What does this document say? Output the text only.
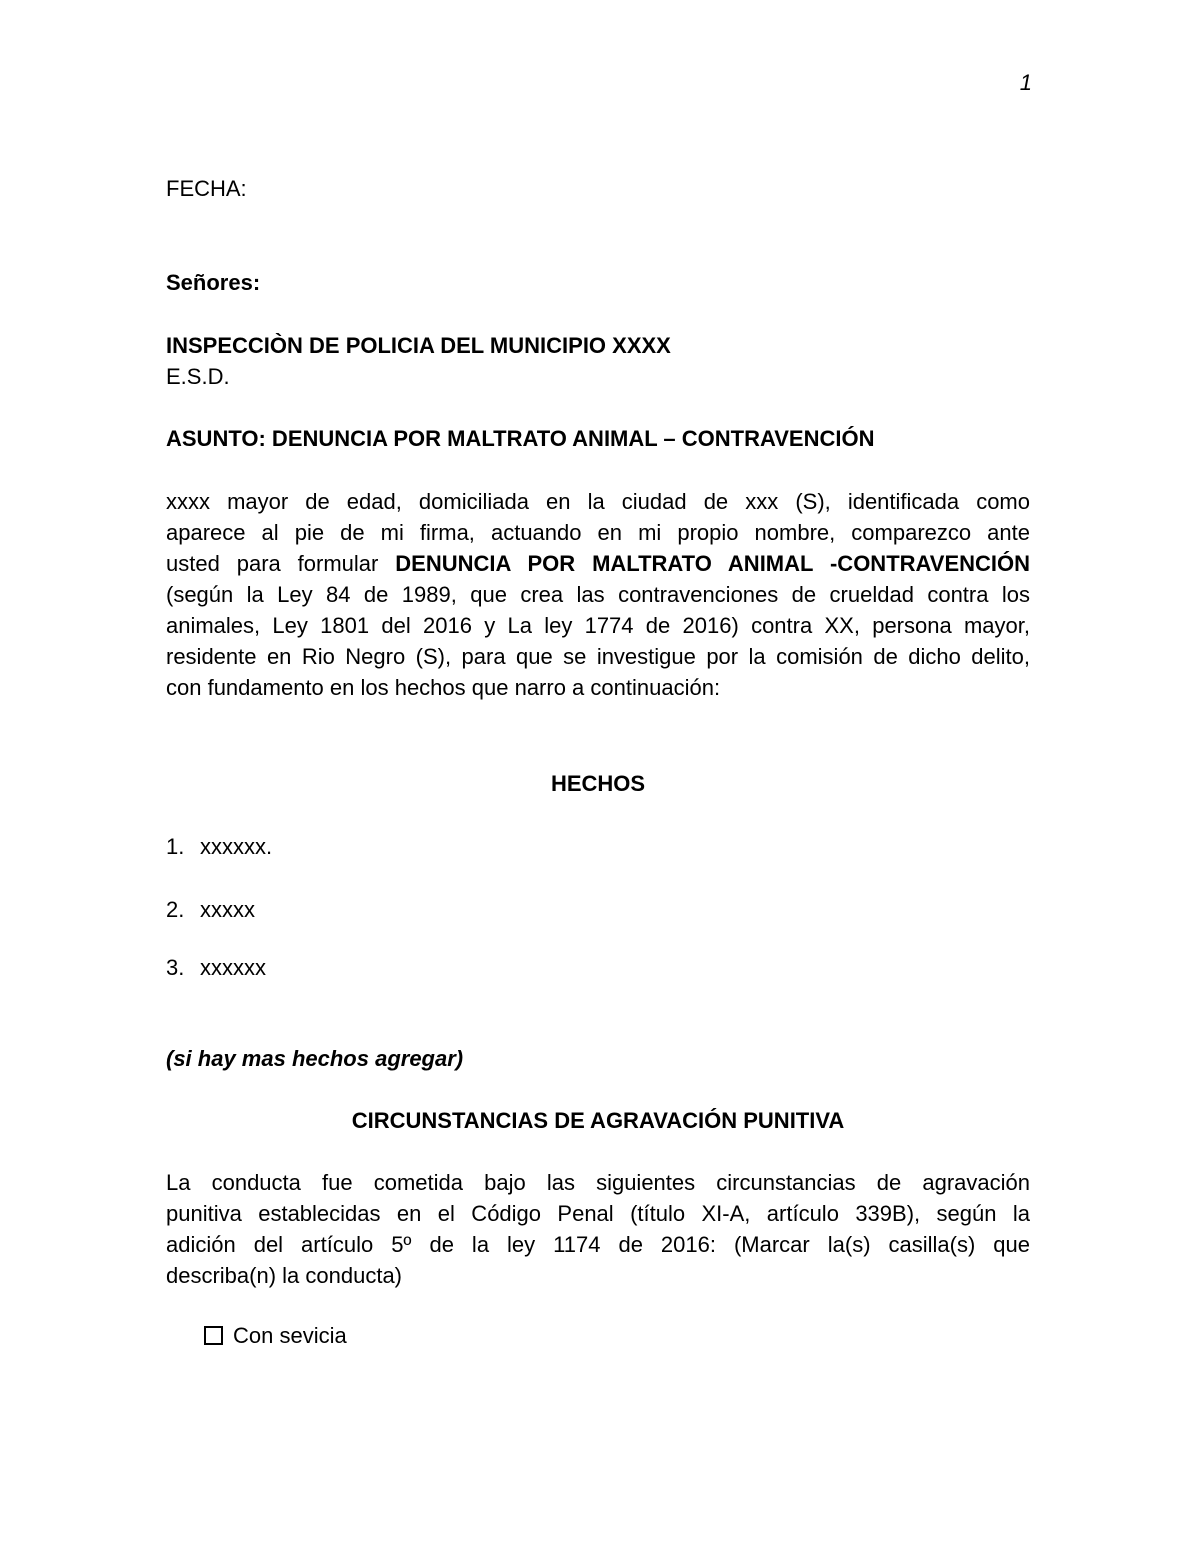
1
FECHA:
Señores:
INSPECCIÒN DE POLICIA DEL MUNICIPIO XXXX
E.S.D.
ASUNTO: DENUNCIA POR MALTRATO ANIMAL – CONTRAVENCIÓN
xxxx mayor de edad, domiciliada en la ciudad de xxx (S), identificada como
aparece al pie de mi firma, actuando en mi propio nombre, comparezco ante
usted para formular DENUNCIA POR MALTRATO ANIMAL -CONTRAVENCIÓN
(según la Ley 84 de 1989, que crea las contravenciones de crueldad contra los
animales, Ley 1801 del 2016 y La ley 1774 de 2016) contra XX, persona mayor,
residente en Rio Negro (S), para que se investigue por la comisión de dicho delito,
con fundamento en los hechos que narro a continuación:
HECHOS
1. xxxxxx.
2. xxxxx
3. xxxxxx
(si hay mas hechos agregar)
CIRCUNSTANCIAS DE AGRAVACIÓN PUNITIVA
La conducta fue cometida bajo las siguientes circunstancias de agravación
punitiva establecidas en el Código Penal (título XI-A, artículo 339B), según la
adición del artículo 5º de la ley 1174 de 2016: (Marcar la(s) casilla(s) que
describa(n) la conducta)
Con sevicia
